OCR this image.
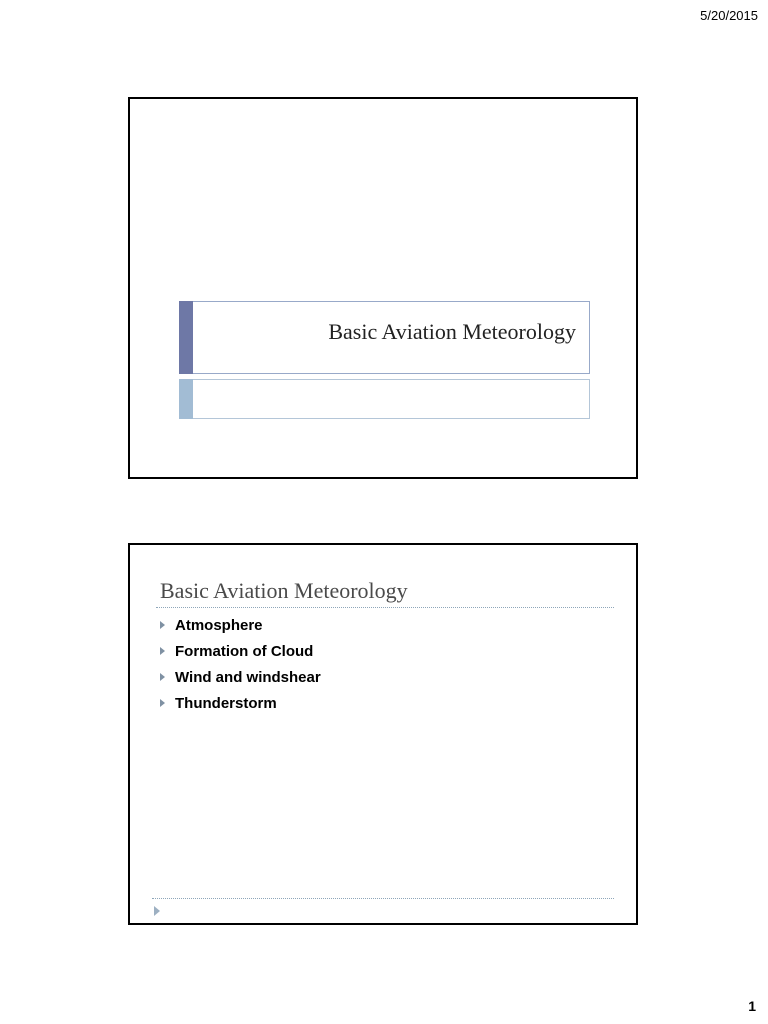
5/20/2015
Basic Aviation Meteorology
Basic Aviation Meteorology
Atmosphere
Formation of Cloud
Wind and windshear
Thunderstorm
1
